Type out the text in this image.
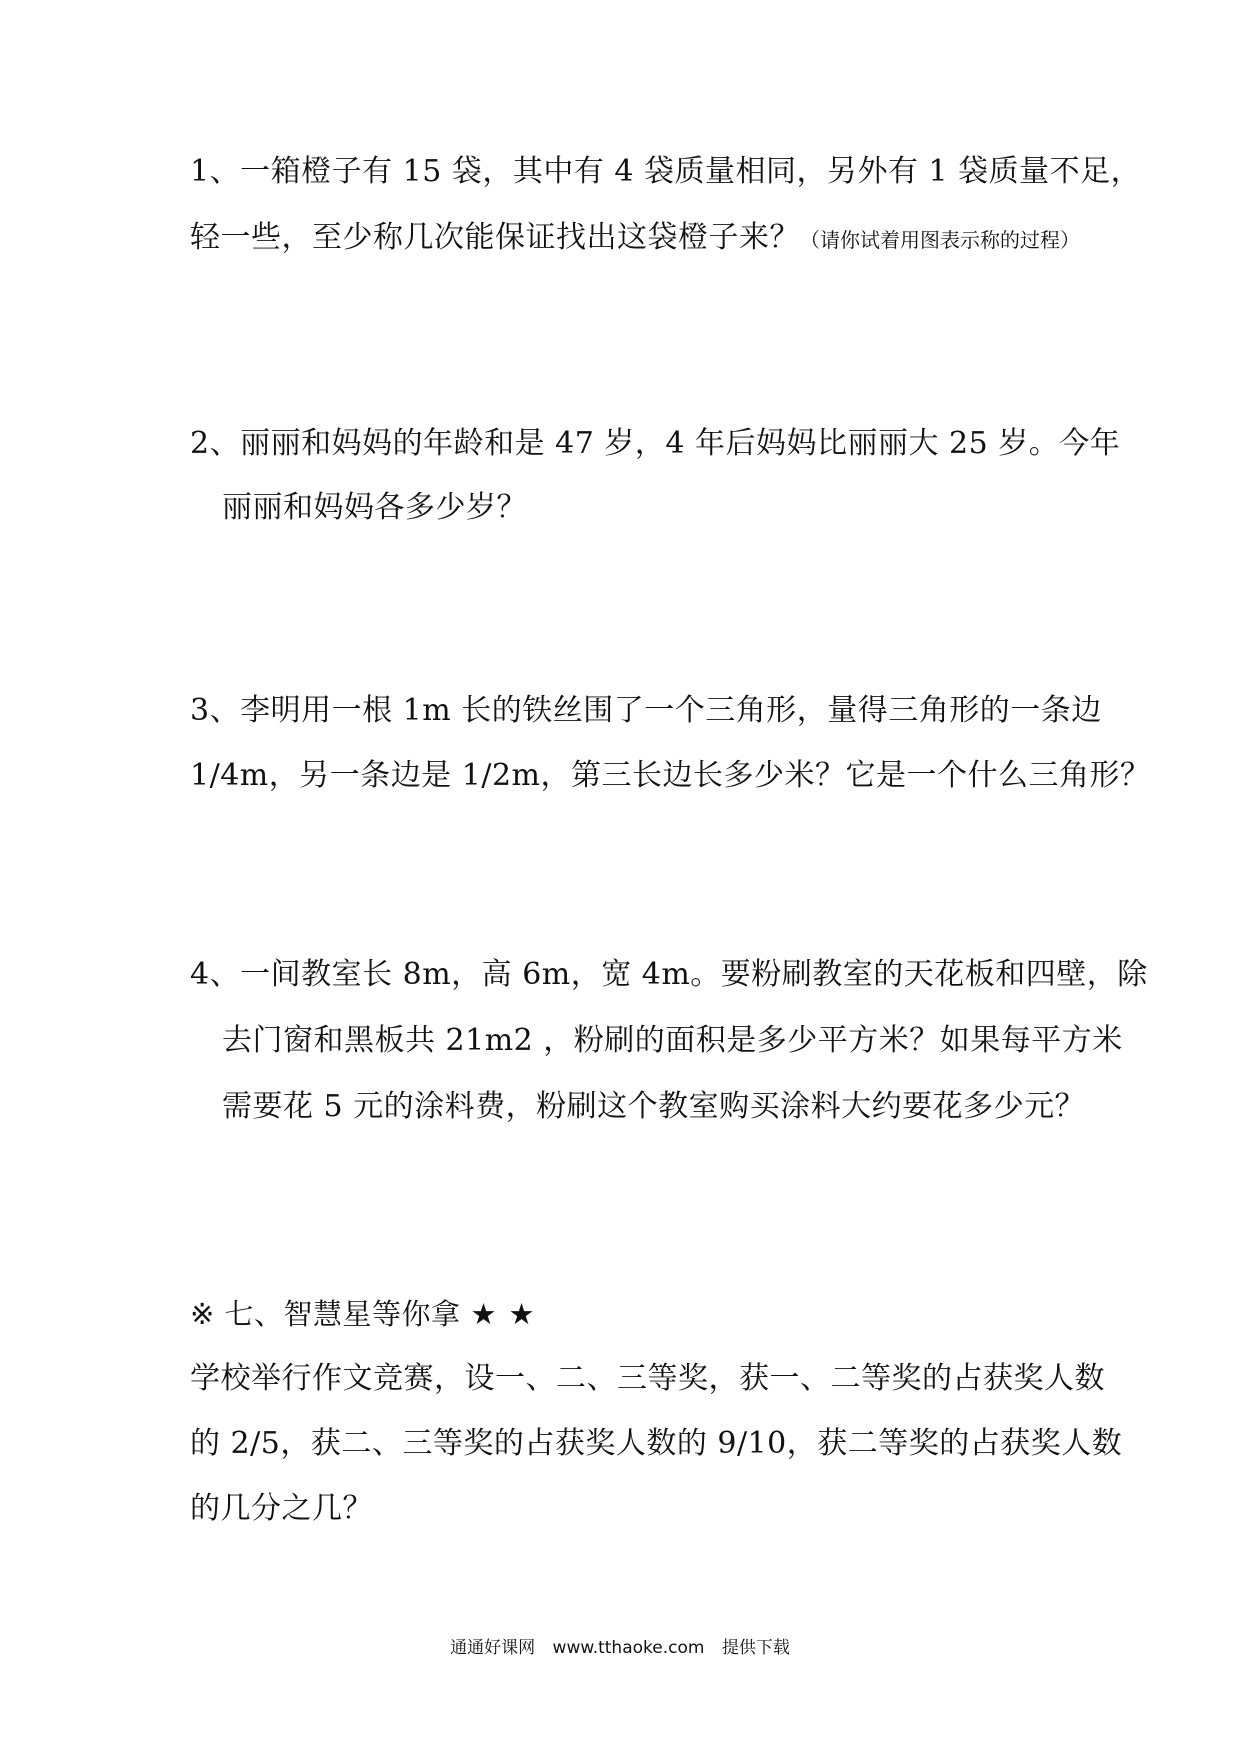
1、一箱橙子有 15 袋，其中有 4 袋质量相同，另外有 1 袋质量不足，
轻一些，至少称几次能保证找出这袋橙子来？（请你试着用图表示称的过程）
2、丽丽和妈妈的年龄和是 47 岁，4 年后妈妈比丽丽大 25 岁。今年
丽丽和妈妈各多少岁？
3、李明用一根 1m 长的铁丝围了一个三角形，量得三角形的一条边
1/4m，另一条边是 1/2m，第三长边长多少米？它是一个什么三角形？
4、一间教室长 8m，高 6m，宽 4m。要粉刷教室的天花板和四壁，除
去门窗和黑板共 21m2 ，粉刷的面积是多少平方米？如果每平方米
需要花 5 元的涂料费，粉刷这个教室购买涂料大约要花多少元？
※ 七、智慧星等你拿 ★★
学校举行作文竞赛，设一、二、三等奖，获一、二等奖的占获奖人数
的 2/5，获二、三等奖的占获奖人数的 9/10，获二等奖的占获奖人数
的几分之几？
通通好课网 www.tthaoke.com 提供下载
